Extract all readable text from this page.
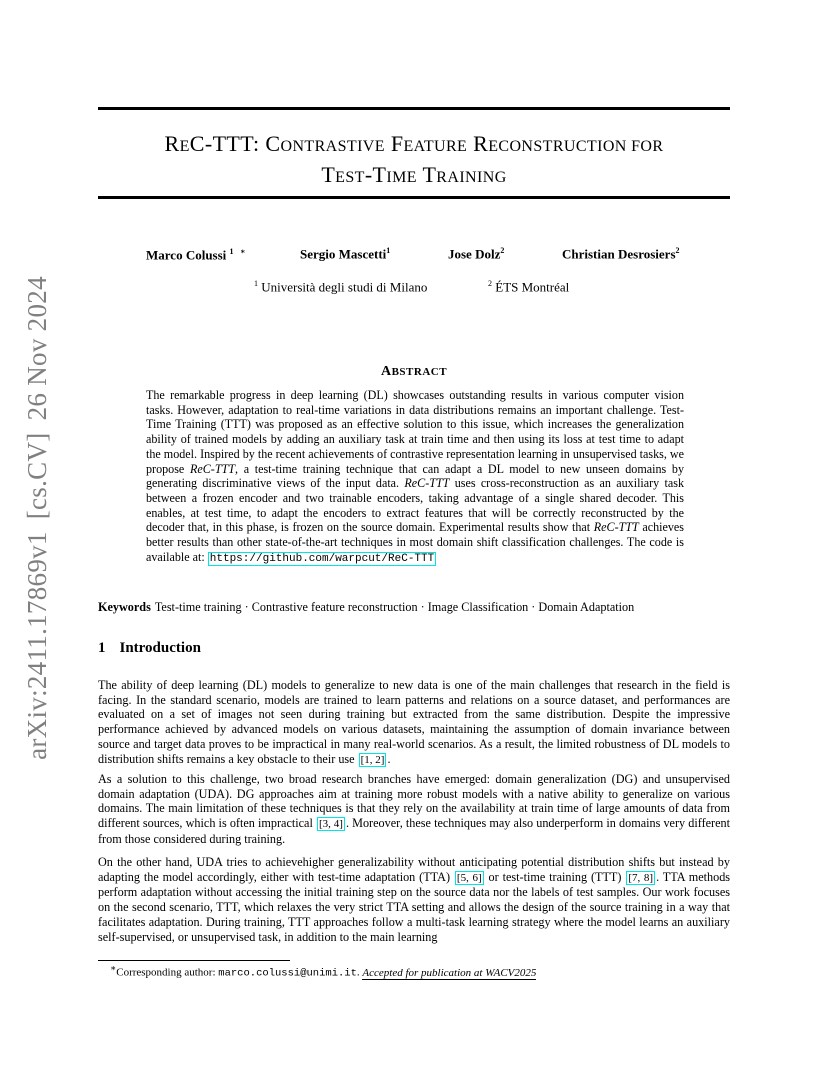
arXiv:2411.17869v1
[cs.CV]
26 Nov 2024
REC-TTT: CONTRASTIVE FEATURE RECONSTRUCTION FOR
TEST-TIME TRAINING
Marco Colussi $^1$ ∗	Sergio Mascetti$^1$	Jose Dolz$^2$	Christian Desrosiers$^2$
$^1$ Università degli studi di Milano	$^2$ ÉTS Montréal
ABSTRACT
The remarkable progress in deep learning (DL) showcases outstanding results in various computer vision tasks. However, adaptation to real-time variations in data distributions remains an important challenge. Test-Time Training (TTT) was proposed as an effective solution to this issue, which increases the generalization ability of trained models by adding an auxiliary task at train time and then using its loss at test time to adapt the model. Inspired by the recent achievements of contrastive representation learning in unsupervised tasks, we propose ReC-TTT, a test-time training technique that can adapt a DL model to new unseen domains by generating discriminative views of the input data. ReC-TTT uses cross-reconstruction as an auxiliary task between a frozen encoder and two trainable encoders, taking advantage of a single shared decoder. This enables, at test time, to adapt the encoders to extract features that will be correctly reconstructed by the decoder that, in this phase, is frozen on the source domain. Experimental results show that ReC-TTT achieves better results than other state-of-the-art techniques in most domain shift classification challenges. The code is available at: https://github.com/warpcut/ReC-TTT
Keywords Test-time training · Contrastive feature reconstruction · Image Classification · Domain Adaptation
1 Introduction
The ability of deep learning (DL) models to generalize to new data is one of the main challenges that research in the field is facing. In the standard scenario, models are trained to learn patterns and relations on a source dataset, and performances are evaluated on a set of images not seen during training but extracted from the same distribution. Despite the impressive performance achieved by advanced models on various datasets, maintaining the assumption of domain invariance between source and target data proves to be impractical in many real-world scenarios. As a result, the limited robustness of DL models to distribution shifts remains a key obstacle to their use [1, 2] .
As a solution to this challenge, two broad research branches have emerged: domain generalization (DG) and unsupervised domain adaptation (UDA). DG approaches aim at training more robust models with a native ability to generalize on various domains. The main limitation of these techniques is that they rely on the availability at train time of large amounts of data from different sources, which is often impractical [3, 4] . Moreover, these techniques may also underperform in domains very different from those considered during training.
On the other hand, UDA tries to achievehigher generalizability without anticipating potential distribution shifts but instead by adapting the model accordingly, either with test-time adaptation (TTA) [5, 6] or test-time training (TTT) [7, 8] . TTA methods perform adaptation without accessing the initial training step on the source data nor the labels of test samples. Our work focuses on the second scenario, TTT, which relaxes the very strict TTA setting and allows the design of the source training in a way that facilitates adaptation. During training, TTT approaches follow a multi-task learning strategy where the model learns an auxiliary self-supervised, or unsupervised task, in addition to the main learning
∗Corresponding author: marco.colussi@unimi.it. Accepted for publication at WACV2025
